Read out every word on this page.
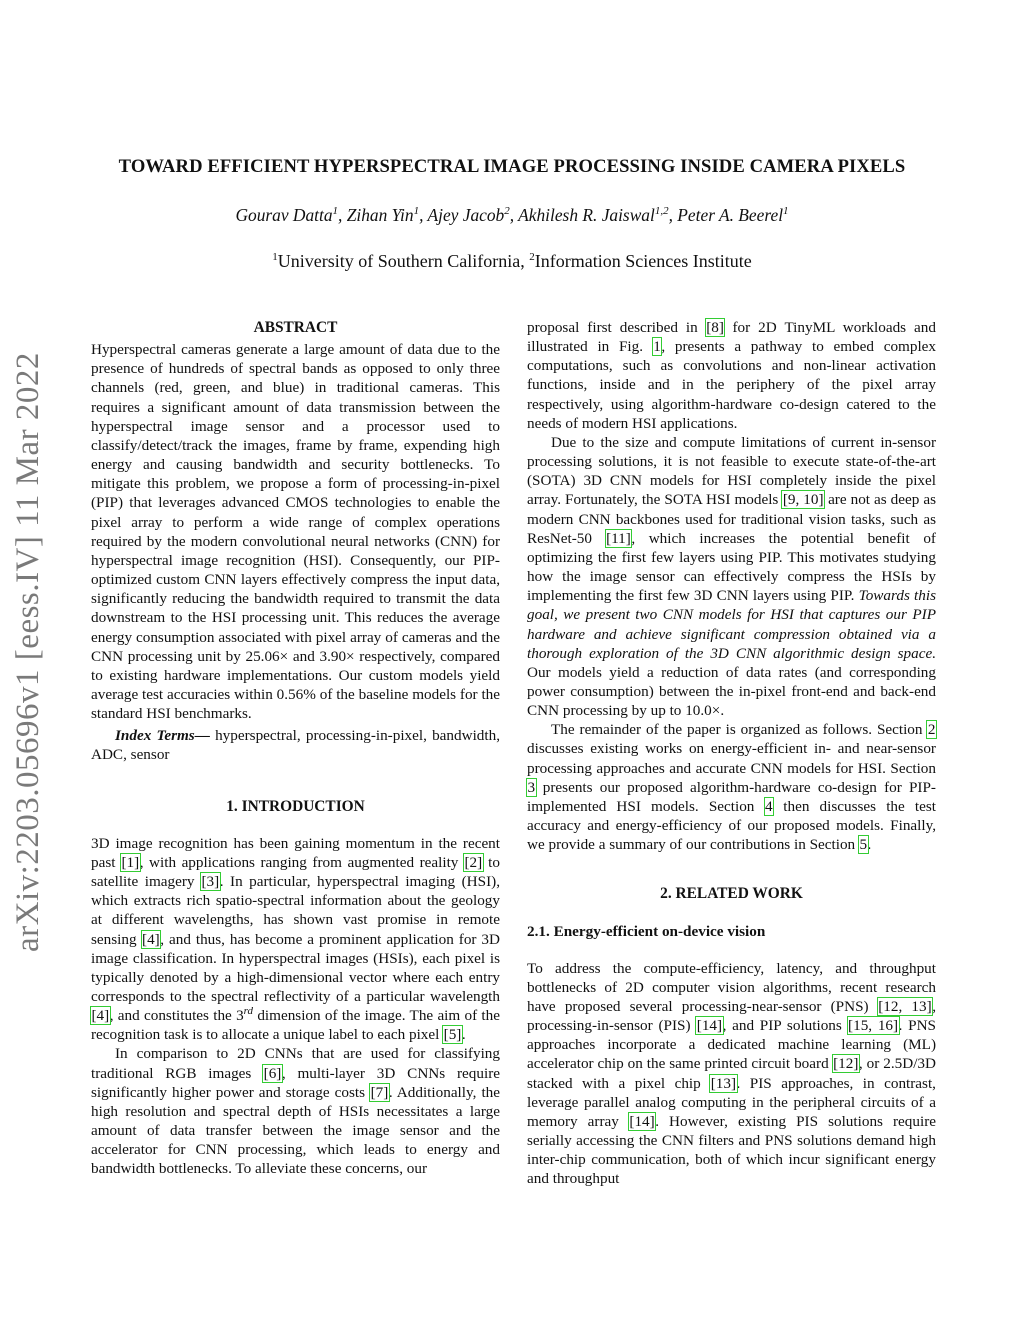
arXiv:2203.05696v1 [eess.IV] 11 Mar 2022
TOWARD EFFICIENT HYPERSPECTRAL IMAGE PROCESSING INSIDE CAMERA PIXELS
Gourav Datta$^1$, Zihan Yin$^1$, Ajey Jacob$^2$, Akhilesh R. Jaiswal$^{1,2}$, Peter A. Beerel$^1$
$^1$University of Southern California, $^2$Information Sciences Institute
ABSTRACT

Hyperspectral cameras generate a large amount of data due to the presence of hundreds of spectral bands as opposed to only three channels (red, green, and blue) in traditional cameras. This requires a significant amount of data transmission between the hyperspectral image sensor and a processor used to classify/detect/track the images, frame by frame, expending high energy and causing bandwidth and security bottlenecks. To mitigate this problem, we propose a form of processing-in-pixel (PIP) that leverages advanced CMOS technologies to enable the pixel array to perform a wide range of complex operations required by the modern convolutional neural networks (CNN) for hyperspectral image recognition (HSI). Consequently, our PIP-optimized custom CNN layers effectively compress the input data, significantly reducing the bandwidth required to transmit the data downstream to the HSI processing unit. This reduces the average energy consumption associated with pixel array of cameras and the CNN processing unit by 25.06× and 3.90× respectively, compared to existing hardware implementations. Our custom models yield average test accuracies within 0.56% of the baseline models for the standard HSI benchmarks.

Index Terms— hyperspectral, processing-in-pixel, bandwidth, ADC, sensor

1. INTRODUCTION

3D image recognition has been gaining momentum in the recent past [1], with applications ranging from augmented reality [2] to satellite imagery [3]. In particular, hyperspectral imaging (HSI), which extracts rich spatio-spectral information about the geology at different wavelengths, has shown vast promise in remote sensing [4], and thus, has become a prominent application for 3D image classification. In hyperspectral images (HSIs), each pixel is typically denoted by a high-dimensional vector where each entry corresponds to the spectral reflectivity of a particular wavelength [4], and constitutes the 3rd dimension of the image. The aim of the recognition task is to allocate a unique label to each pixel [5].

In comparison to 2D CNNs that are used for classifying traditional RGB images [6], multi-layer 3D CNNs require significantly higher power and storage costs [7]. Additionally, the high resolution and spectral depth of HSIs necessitates a large amount of data transfer between the image sensor and the accelerator for CNN processing, which leads to energy and bandwidth bottlenecks. To alleviate these concerns, our

proposal first described in [8] for 2D TinyML workloads and illustrated in Fig. 1, presents a pathway to embed complex computations, such as convolutions and non-linear activation functions, inside and in the periphery of the pixel array respectively, using algorithm-hardware co-design catered to the needs of modern HSI applications.

Due to the size and compute limitations of current in-sensor processing solutions, it is not feasible to execute state-of-the-art (SOTA) 3D CNN models for HSI completely inside the pixel array. Fortunately, the SOTA HSI models [9, 10] are not as deep as modern CNN backbones used for traditional vision tasks, such as ResNet-50 [11], which increases the potential benefit of optimizing the first few layers using PIP. This motivates studying how the image sensor can effectively compress the HSIs by implementing the first few 3D CNN layers using PIP. Towards this goal, we present two CNN models for HSI that captures our PIP hardware and achieve significant compression obtained via a thorough exploration of the 3D CNN algorithmic design space. Our models yield a reduction of data rates (and corresponding power consumption) between the in-pixel front-end and back-end CNN processing by up to 10.0×.

The remainder of the paper is organized as follows. Section 2 discusses existing works on energy-efficient in- and near-sensor processing approaches and accurate CNN models for HSI. Section 3 presents our proposed algorithm-hardware co-design for PIP-implemented HSI models. Section 4 then discusses the test accuracy and energy-efficiency of our proposed models. Finally, we provide a summary of our contributions in Section 5.

2. RELATED WORK
2.1. Energy-efficient on-device vision

To address the compute-efficiency, latency, and throughput bottlenecks of 2D computer vision algorithms, recent research have proposed several processing-near-sensor (PNS) [12, 13], processing-in-sensor (PIS) [14], and PIP solutions [15, 16]. PNS approaches incorporate a dedicated machine learning (ML) accelerator chip on the same printed circuit board [12], or 2.5D/3D stacked with a pixel chip [13]. PIS approaches, in contrast, leverage parallel analog computing in the peripheral circuits of a memory array [14]. However, existing PIS solutions require serially accessing the CNN filters and PNS solutions demand high inter-chip communication, both of which incur significant energy and throughput
